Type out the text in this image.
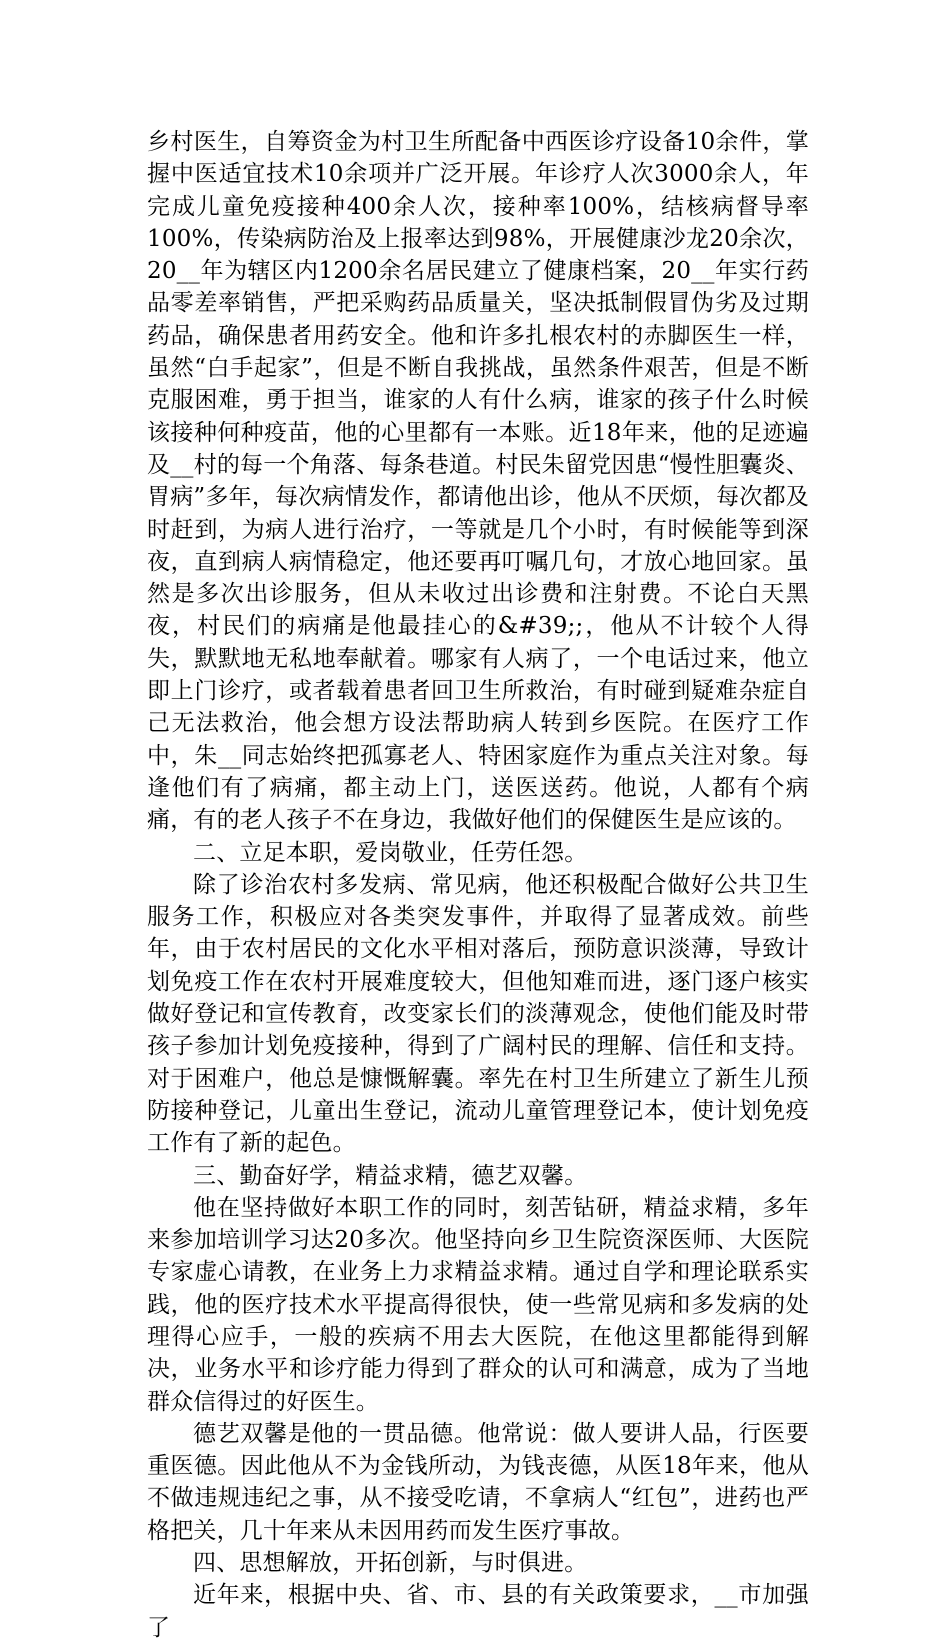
乡村医生，自筹资金为村卫生所配备中西医诊疗设备10余件，掌握中医适宜技术10余项并广泛开展。年诊疗人次3000余人，年完成儿童免疫接种400余人次，接种率100%，结核病督导率100%，传染病防治及上报率达到98%，开展健康沙龙20余次，20__年为辖区内1200余名居民建立了健康档案，20__年实行药品零差率销售，严把采购药品质量关，坚决抵制假冒伪劣及过期药品，确保患者用药安全。他和许多扎根农村的赤脚医生一样，虽然“白手起家”，但是不断自我挑战，虽然条件艰苦，但是不断克服困难，勇于担当，谁家的人有什么病，谁家的孩子什么时候该接种何种疫苗，他的心里都有一本账。近18年来，他的足迹遍及__村的每一个角落、每条巷道。村民朱留党因患“慢性胆囊炎、胃病”多年，每次病情发作，都请他出诊，他从不厌烦，每次都及时赶到，为病人进行治疗，一等就是几个小时，有时候能等到深夜，直到病人病情稳定，他还要再叮嘱几句，才放心地回家。虽然是多次出诊服务，但从未收过出诊费和注射费。不论白天黑夜，村民们的病痛是他最挂心的&#39;;，他从不计较个人得失，默默地无私地奉献着。哪家有人病了，一个电话过来，他立即上门诊疗，或者载着患者回卫生所救治，有时碰到疑难杂症自己无法救治，他会想方设法帮助病人转到乡医院。在医疗工作中，朱__同志始终把孤寡老人、特困家庭作为重点关注对象。每逢他们有了病痛，都主动上门，送医送药。他说，人都有个病痛，有的老人孩子不在身边，我做好他们的保健医生是应该的。

二、立足本职，爱岗敬业，任劳任怨。

除了诊治农村多发病、常见病，他还积极配合做好公共卫生服务工作，积极应对各类突发事件，并取得了显著成效。前些年，由于农村居民的文化水平相对落后，预防意识淡薄，导致计划免疫工作在农村开展难度较大，但他知难而进，逐门逐户核实做好登记和宣传教育，改变家长们的淡薄观念，使他们能及时带孩子参加计划免疫接种，得到了广阔村民的理解、信任和支持。对于困难户，他总是慷慨解囊。率先在村卫生所建立了新生儿预防接种登记，儿童出生登记，流动儿童管理登记本，使计划免疫工作有了新的起色。

三、勤奋好学，精益求精，德艺双馨。

他在坚持做好本职工作的同时，刻苦钻研，精益求精，多年来参加培训学习达20多次。他坚持向乡卫生院资深医师、大医院专家虚心请教，在业务上力求精益求精。通过自学和理论联系实践，他的医疗技术水平提高得很快，使一些常见病和多发病的处理得心应手，一般的疾病不用去大医院，在他这里都能得到解决，业务水平和诊疗能力得到了群众的认可和满意，成为了当地群众信得过的好医生。

德艺双馨是他的一贯品德。他常说：做人要讲人品，行医要重医德。因此他从不为金钱所动，为钱丧德，从医18年来，他从不做违规违纪之事，从不接受吃请，不拿病人“红包”，进药也严格把关，几十年来从未因用药而发生医疗事故。

四、思想解放，开拓创新，与时俱进。

近年来，根据中央、省、市、县的有关政策要求，__市加强了
